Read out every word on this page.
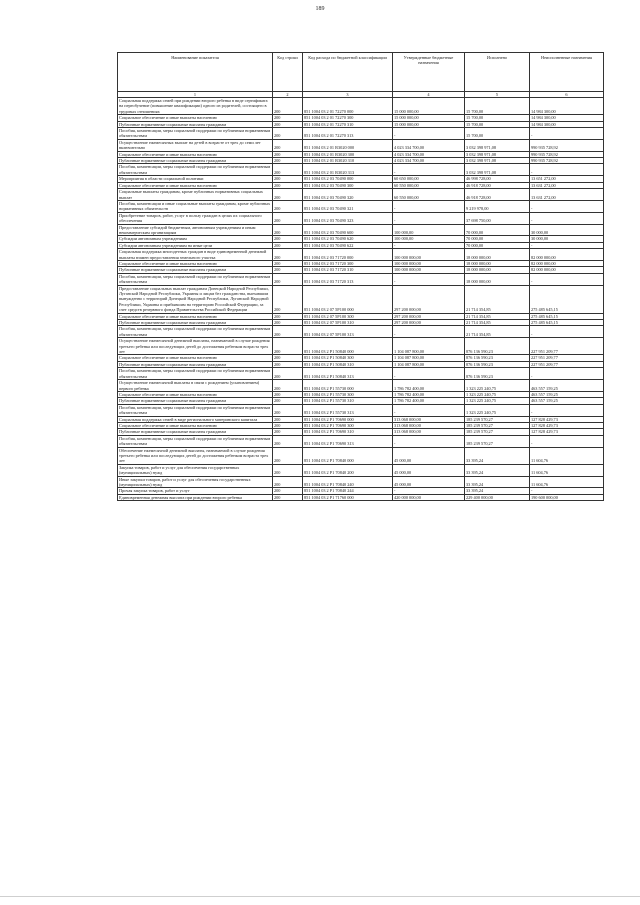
189
Наименование показателя	Код строки	Код расхода по бюджетной классификации	Утвержденные бюджетные назначения	Исполнено	Неисполненные назначения
1	2	3	4	5	6
Социальная поддержка семей при рождении второго ребенка в виде сертификата на переобучение (повышение квалификации) одного из родителей, состоящего в трудовых отношениях	200	851 1004 03 2 01 72270 000	15 000 000,00	15 700,00	14 984 300,00
Социальное обеспечение и иные выплаты населению	200	851 1004 03 2 01 72270 300	15 000 000,00	15 700,00	14 984 300,00
Публичные нормативные социальные выплаты гражданам	200	851 1004 03 2 01 72270 310	15 000 000,00	15 700,00	14 984 300,00
Пособия, компенсации, меры социальной поддержки по публичным нормативным обязательствам	200	851 1004 03 2 01 72270 313	-	15 700,00	-
Осуществление ежемесячных выплат на детей в возрасте от трех до семи лет включительно	200	851 1004 03 2 01 R3020 000	4 023 334 700,00	3 032 398 971,08	990 935 728,92
Социальное обеспечение и иные выплаты населению	200	851 1004 03 2 01 R3020 300	4 023 334 700,00	3 032 398 971,08	990 935 728,92
Публичные нормативные социальные выплаты гражданам	200	851 1004 03 2 01 R3020 310	4 023 334 700,00	3 032 398 971,08	990 935 728,92
Пособия, компенсации, меры социальной поддержки по публичным нормативным обязательствам	200	851 1004 03 2 01 R3020 313	-	3 032 398 971,08	-
Мероприятия в области социальной политики	200	851 1004 03 2 03 70490 000	60 650 000,00	46 998 728,00	13 651 272,00
Социальное обеспечение и иные выплаты населению	200	851 1004 03 2 03 70490 300	60 550 000,00	46 918 728,00	13 631 272,00
Социальные выплаты гражданам, кроме публичных нормативных социальных выплат	200	851 1004 03 2 03 70490 320	60 550 000,00	46 918 728,00	13 631 272,00
Пособия, компенсации и иные социальные выплаты гражданам, кроме публичных нормативных обязательств	200	851 1004 03 2 03 70490 321	-	9 219 978,00	-
Приобретение товаров, работ, услуг в пользу граждан в целях их социального обеспечения	200	851 1004 03 2 03 70490 323	-	37 698 750,00	-
Предоставление субсидий бюджетным, автономным учреждениям и иным некоммерческим организациям	200	851 1004 03 2 03 70490 600	100 000,00	70 000,00	30 000,00
Субсидии автономным учреждениям	200	851 1004 03 2 03 70490 620	100 000,00	70 000,00	30 000,00
Субсидии автономным учреждениям на иные цели	200	851 1004 03 2 03 70490 622	-	70 000,00	-
Социальная поддержка многодетных граждан в виде единовременной денежной выплаты взамен предоставления земельного участка	200	851 1004 03 2 03 71720 000	100 000 000,00	18 000 000,00	82 000 000,00
Социальное обеспечение и иные выплаты населению	200	851 1004 03 2 03 71720 300	100 000 000,00	18 000 000,00	82 000 000,00
Публичные нормативные социальные выплаты гражданам	200	851 1004 03 2 03 71720 310	100 000 000,00	18 000 000,00	82 000 000,00
Пособия, компенсации, меры социальной поддержки по публичным нормативным обязательствам	200	851 1004 03 2 03 71720 313	-	18 000 000,00	-
Предоставление социальных выплат гражданам Донецкой Народной Республики, Луганской Народной Республики, Украины и лицам без гражданства, выехавшим вынужденно с территорий Донецкой Народной Республики, Луганской Народной Республики, Украины и прибывшим на территорию Российской Федерации, за счет средств резервного фонда Правительства Российской Федерации	200	851 1004 03 2 07 5Р100 000	297 200 000,00	21 714 354,85	275 485 645,15
Социальное обеспечение и иные выплаты населению	200	851 1004 03 2 07 5Р100 300	297 200 000,00	21 714 354,85	275 485 645,15
Публичные нормативные социальные выплаты гражданам	200	851 1004 03 2 07 5Р100 310	297 200 000,00	21 714 354,85	275 485 645,15
Пособия, компенсации, меры социальной поддержки по публичным нормативным обязательствам	200	851 1004 03 2 07 5Р100 313	-	21 714 354,85	-
Осуществление ежемесячной денежной выплаты, назначаемой в случае рождения третьего ребенка или последующих детей до достижения ребенком возраста трех лет	200	851 1004 03 2 Р1 50840 000	1 104 087 800,00	876 136 590,23	227 951 209,77
Социальное обеспечение и иные выплаты населению	200	851 1004 03 2 Р1 50840 300	1 104 087 800,00	876 136 590,23	227 951 209,77
Публичные нормативные социальные выплаты гражданам	200	851 1004 03 2 Р1 50840 310	1 104 087 800,00	876 136 590,23	227 951 209,77
Пособия, компенсации, меры социальной поддержки по публичным нормативным обязательствам	200	851 1004 03 2 Р1 50840 313	-	876 136 590,23	-
Осуществление ежемесячной выплаты в связи с рождением (усыновлением) первого ребенка	200	851 1004 03 2 Р1 55730 000	1 786 782 400,00	1 323 225 240,75	463 557 159,25
Социальное обеспечение и иные выплаты населению	200	851 1004 03 2 Р1 55730 300	1 786 782 400,00	1 323 225 240,75	463 557 159,25
Публичные нормативные социальные выплаты гражданам	200	851 1004 03 2 Р1 55730 310	1 786 782 400,00	1 323 225 240,75	463 557 159,25
Пособия, компенсации, меры социальной поддержки по публичным нормативным обязательствам	200	851 1004 03 2 Р1 55730 313	-	1 323 225 240,75	-
Социальная поддержка семей в виде регионального материнского капитала	200	851 1004 03 2 Р1 70690 000	313 068 000,00	185 239 570,27	127 828 429,73
Социальное обеспечение и иные выплаты населению	200	851 1004 03 2 Р1 70690 300	313 068 000,00	185 239 570,27	127 828 429,73
Публичные нормативные социальные выплаты гражданам	200	851 1004 03 2 Р1 70690 310	313 068 000,00	185 239 570,27	127 828 429,73
Пособия, компенсации, меры социальной поддержки по публичным нормативным обязательствам	200	851 1004 03 2 Р1 70690 313	-	185 239 570,27	-
Обеспечение ежемесячной денежной выплаты, назначаемой в случае рождения третьего ребенка или последующих детей до достижения ребенком возраста трех лет	200	851 1004 03 2 Р1 70840 000	45 000,00	33 395,24	11 604,76
Закупка товаров, работ и услуг для обеспечения государственных (муниципальных) нужд	200	851 1004 03 2 Р1 70840 200	45 000,00	33 395,24	11 604,76
Иные закупки товаров, работ и услуг для обеспечения государственных (муниципальных) нужд	200	851 1004 03 2 Р1 70840 240	45 000,00	33 395,24	11 604,76
Прочая закупка товаров, работ и услуг	200	851 1004 03 2 Р1 70840 244	-	33 395,24	-
Единовременная денежная выплата при рождении второго ребенка	200	851 1004 03 2 Р1 71760 000	420 000 000,00	229 400 000,00	190 600 000,00
